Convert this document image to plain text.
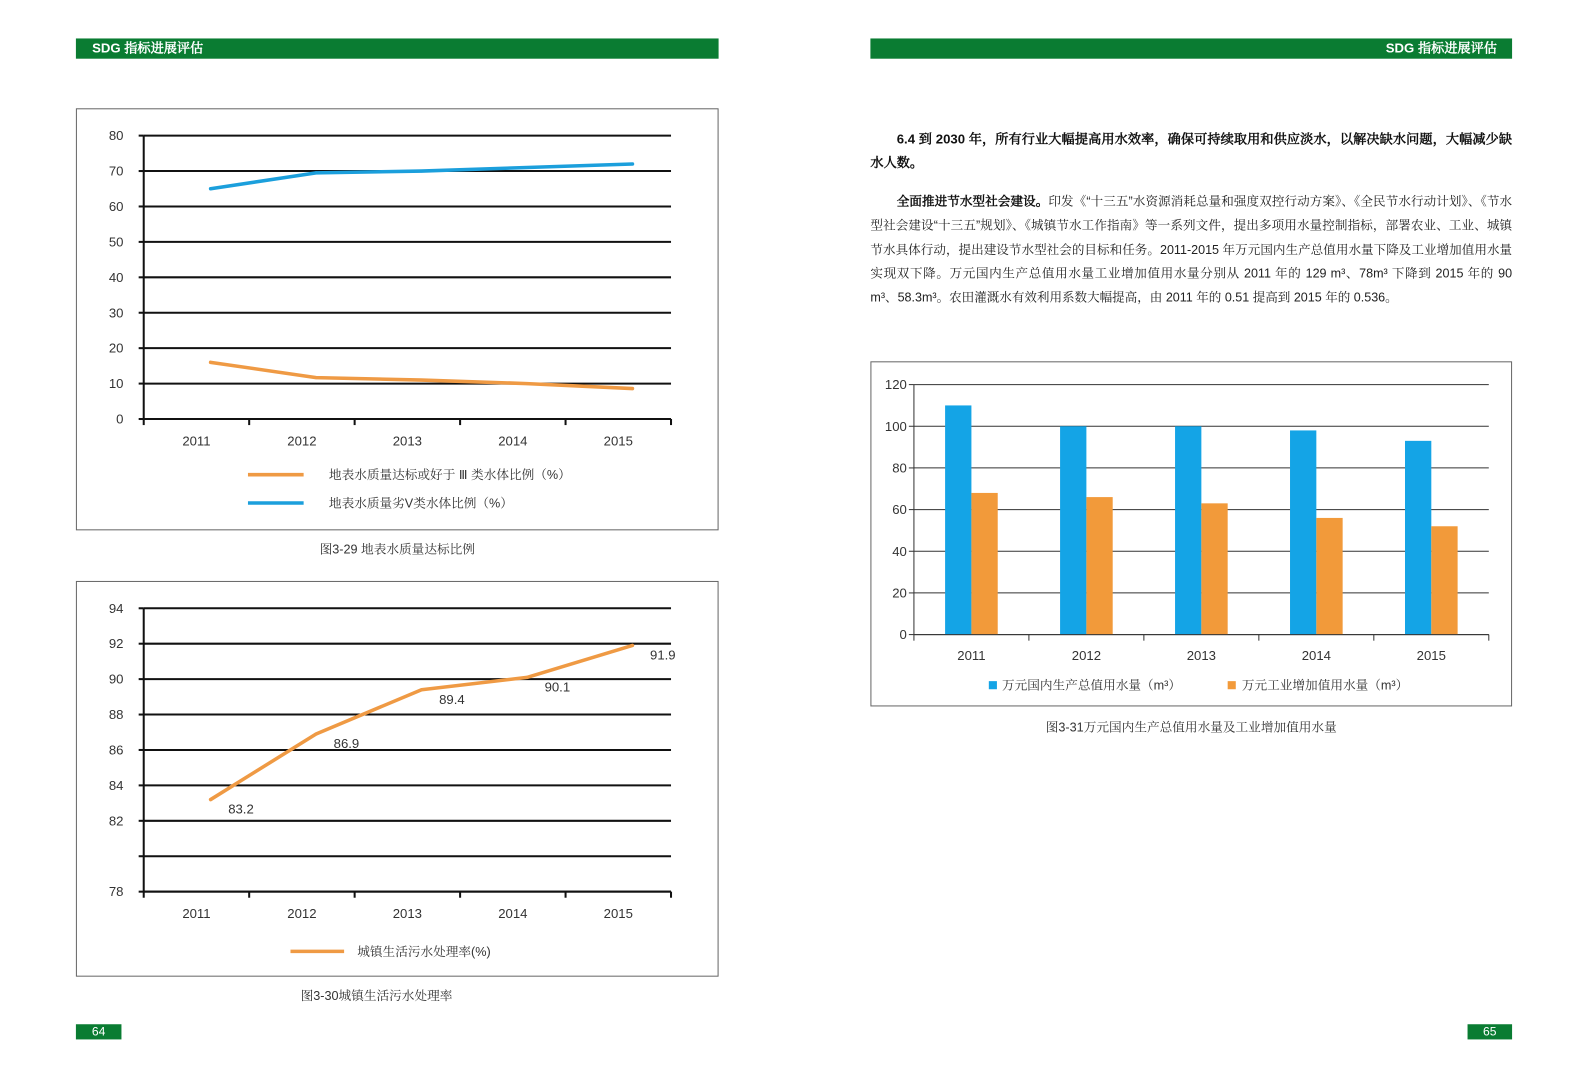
SDG 指标进展评估
0
10
20
30
40
50
60
70
80
2011	2012	2013	2014	2015
地表水质量达标或好于 Ⅲ 类水体比例（%）
地表水质量劣V类水体比例（%）
图3-29 地表水质量达标比例
78
82
84
86
88
90
92
94
83.2
86.9
89.4
90.1
91.9
2011	2012	2013	2014	2015
城镇生活污水处理率(%)
图3-30城镇生活污水处理率
64
SDG 指标进展评估
6.4 到 2030 年，所有行业大幅提高用水效率，确保可持续取用和供应淡水，以解决缺水问题，大幅减少缺水人数。

全面推进节水型社会建设。印发《“十三五”水资源消耗总量和强度双控行动方案》、《全民节水行动计划》、《节水型社会建设“十三五”规划》、《城镇节水工作指南》等一系列文件，提出多项用水量控制指标，部署农业、工业、城镇节水具体行动，提出建设节水型社会的目标和任务。2011-2015 年万元国内生产总值用水量下降及工业增加值用水量实现双下降。万元国内生产总值用水量工业增加值用水量分别从 2011 年的 129 m³、78m³ 下降到 2015 年的 90 m³、58.3m³。农田灌溉水有效利用系数大幅提高，由 2011 年的 0.51 提高到 2015 年的 0.536。

0
20
40
60
80
100
120
2011	2012	2013	2014	2015
万元国内生产总值用水量（m³）	万元工业增加值用水量（m³）
图3-31万元国内生产总值用水量及工业增加值用水量
65
